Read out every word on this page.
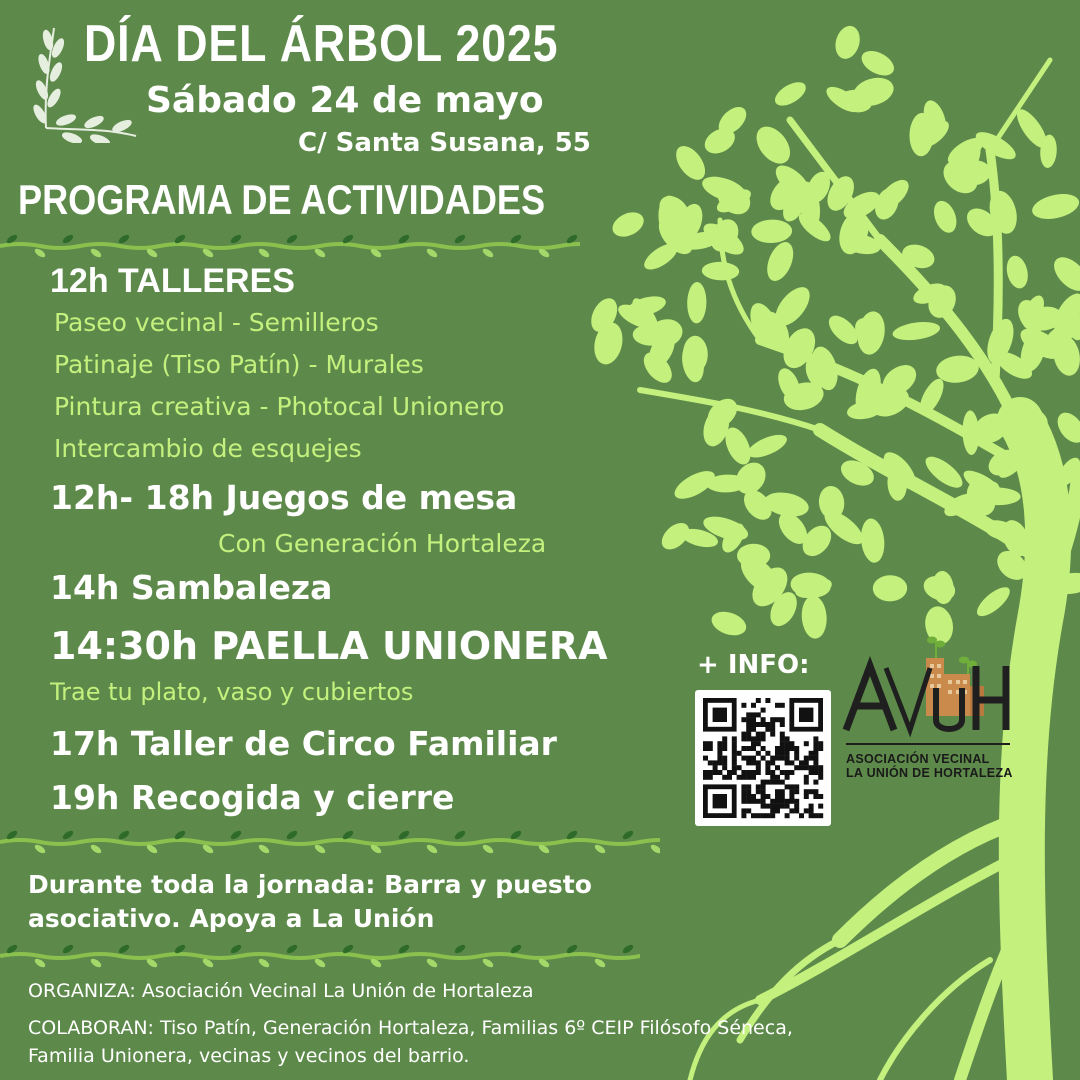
DÍA DEL ÁRBOL 2025
Sábado 24 de mayo
C/ Santa Susana, 55
PROGRAMA DE ACTIVIDADES
12h TALLERES
Paseo vecinal - Semilleros
Patinaje (Tiso Patín) - Murales
Pintura creativa - Photocal Unionero
Intercambio de esquejes
12h- 18h Juegos de mesa
Con Generación Hortaleza
14h Sambaleza
14:30h PAELLA UNIONERA
Trae tu plato, vaso y cubiertos
17h Taller de Circo Familiar
19h Recogida y cierre
Durante toda la jornada: Barra y puesto asociativo. Apoya a La Unión
ORGANIZA: Asociación Vecinal La Unión de Hortaleza
COLABORAN: Tiso Patín, Generación Hortaleza, Familias 6º CEIP Filósofo Séneca,
Familia Unionera, vecinas y vecinos del barrio.
+ INFO:
ASOCIACIÓN VECINAL
LA UNIÓN DE HORTALEZA
